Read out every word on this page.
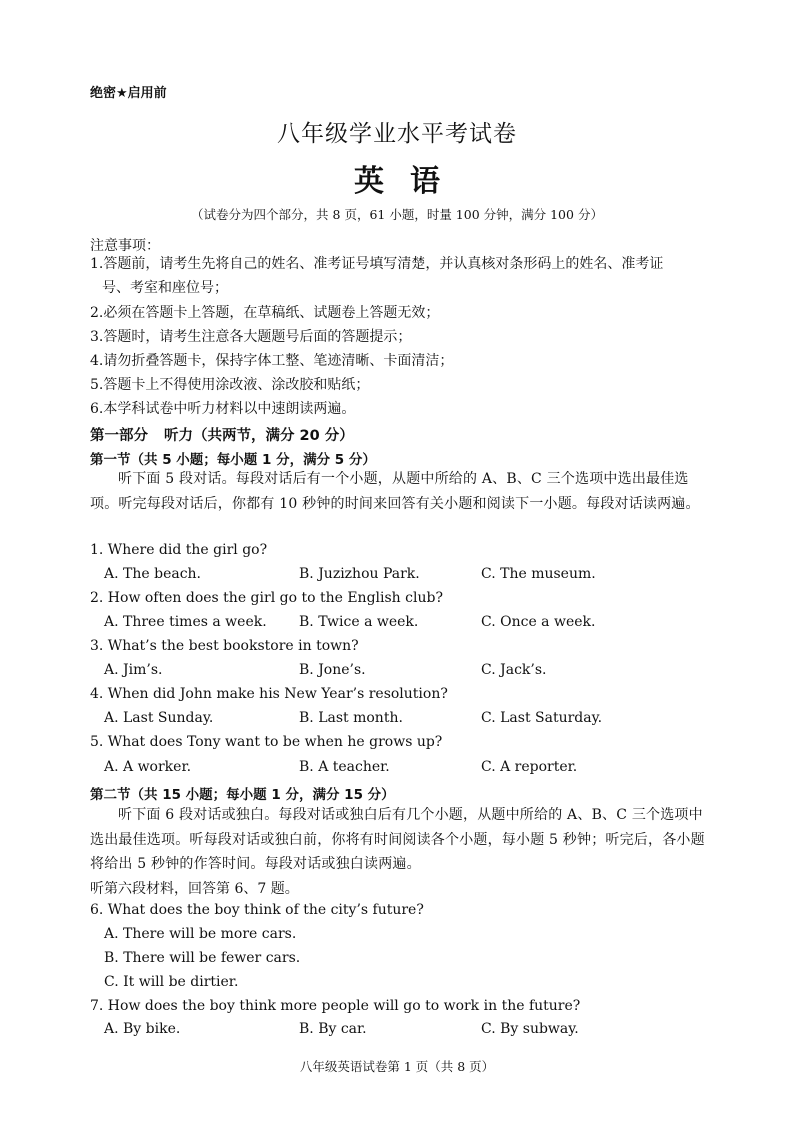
绝密★启用前
八年级学业水平考试卷
英语
（试卷分为四个部分，共 8 页，61 小题，时量 100 分钟，满分 100 分）
注意事项：
1.答题前，请考生先将自己的姓名、准考证号填写清楚，并认真核对条形码上的姓名、准考证
号、考室和座位号；
2.必须在答题卡上答题，在草稿纸、试题卷上答题无效；
3.答题时，请考生注意各大题题号后面的答题提示；
4.请勿折叠答题卡，保持字体工整、笔迹清晰、卡面清洁；
5.答题卡上不得使用涂改液、涂改胶和贴纸；
6.本学科试卷中听力材料以中速朗读两遍。
第一部分 听力（共两节，满分 20 分）
第一节（共 5 小题；每小题 1 分，满分 5 分）
听下面 5 段对话。每段对话后有一个小题，从题中所给的 A、B、C 三个选项中选出最佳选项。听完每段对话后，你都有 10 秒钟的时间来回答有关小题和阅读下一小题。每段对话读两遍。
1. Where did the girl go?
A. The beach.	B. Juzizhou Park.	C. The museum.
2. How often does the girl go to the English club?
A. Three times a week. B. Twice a week.	C. Once a week.
3. What’s the best bookstore in town?
A. Jim’s.	B. Jone’s.	C. Jack’s.
4. When did John make his New Year’s resolution?
A. Last Sunday.	B. Last month.	C. Last Saturday.
5. What does Tony want to be when he grows up?
A. A worker.	B. A teacher.	C. A reporter.
第二节（共 15 小题；每小题 1 分，满分 15 分）
听下面 6 段对话或独白。每段对话或独白后有几个小题，从题中所给的 A、B、C 三个选项中选出最佳选项。听每段对话或独白前，你将有时间阅读各个小题，每小题 5 秒钟；听完后，各小题将给出 5 秒钟的作答时间。每段对话或独白读两遍。
听第六段材料，回答第 6、7 题。
6. What does the boy think of the city’s future?
A. There will be more cars.
B. There will be fewer cars.
C. It will be dirtier.
7. How does the boy think more people will go to work in the future?
A. By bike.	B. By car.	C. By subway.
八年级英语试卷第 1 页（共 8 页）
